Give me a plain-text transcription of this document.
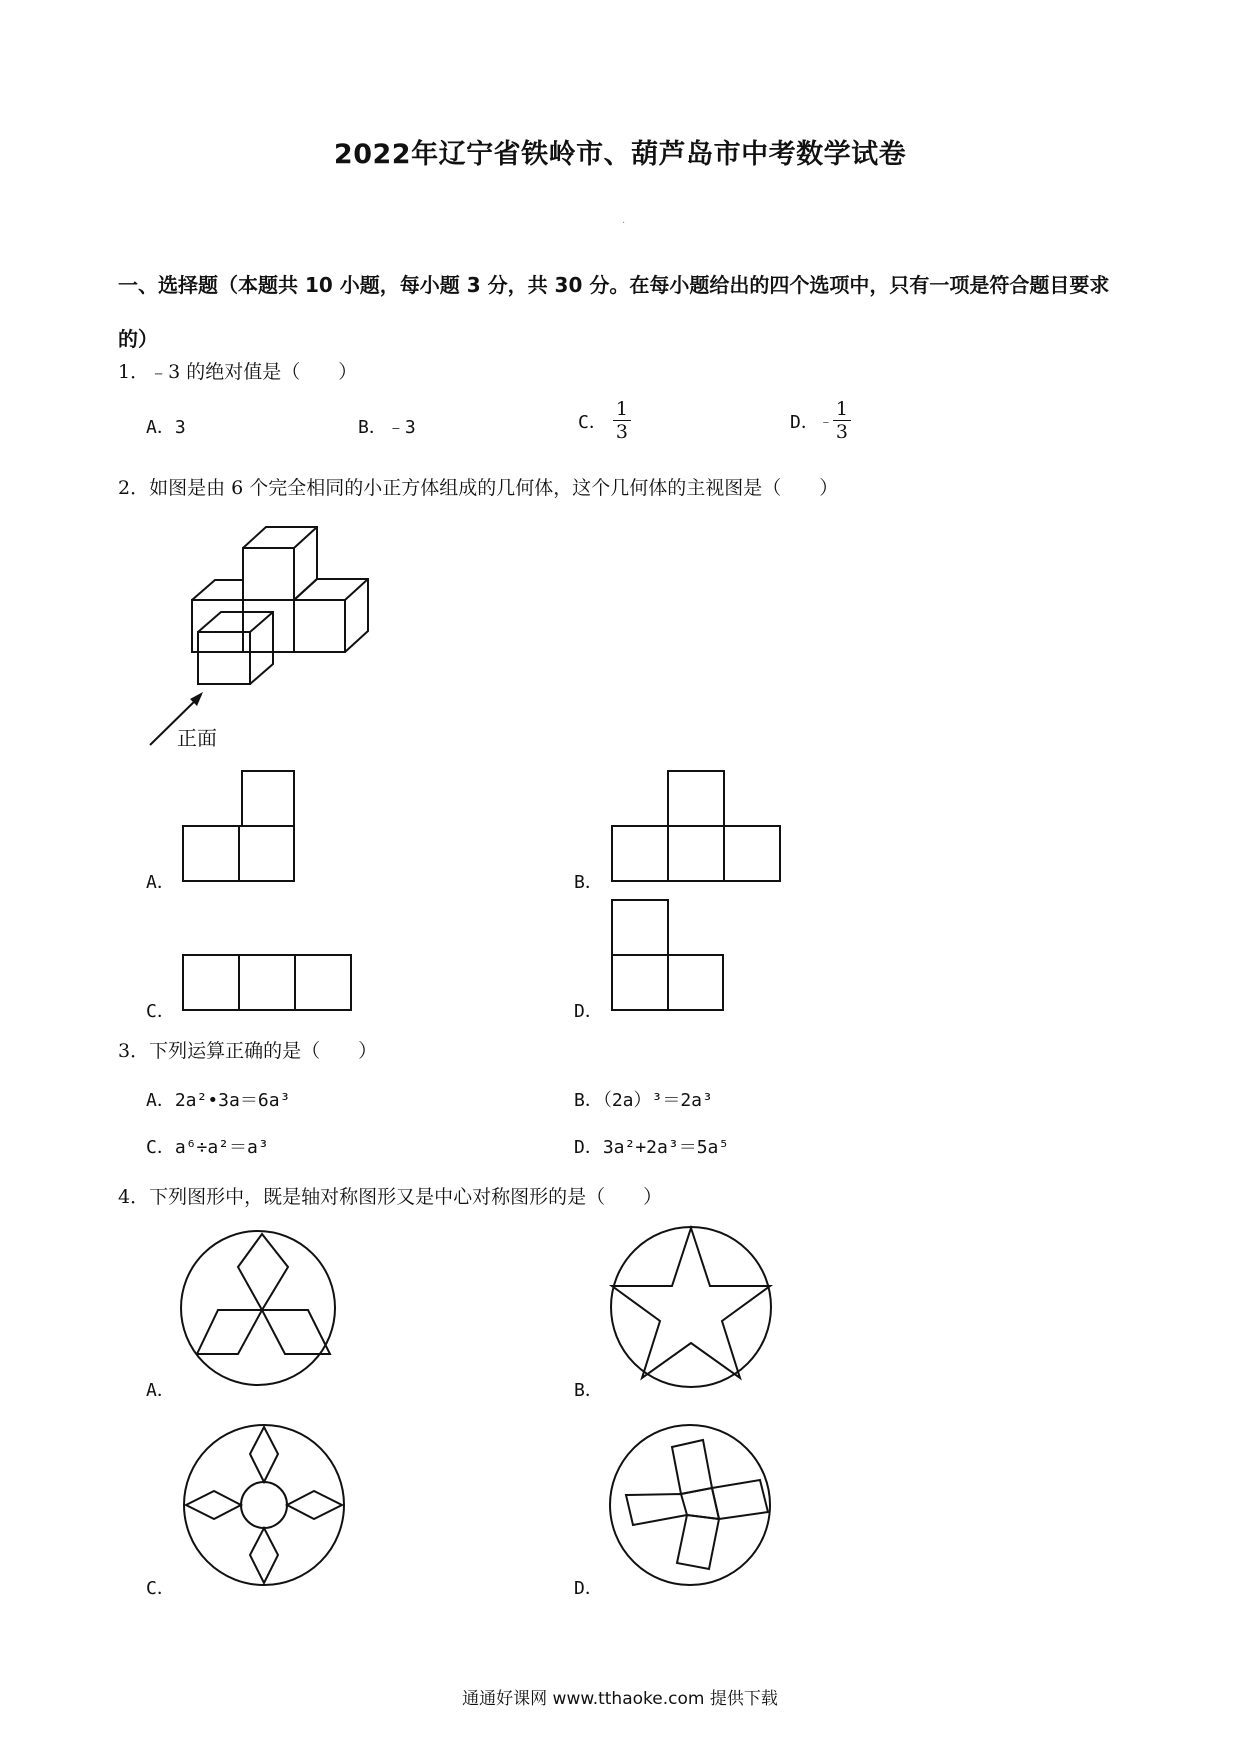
2022年辽宁省铁岭市、葫芦岛市中考数学试卷
·
一、选择题（本题共 10 小题，每小题 3 分，共 30 分。在每小题给出的四个选项中，只有一项是符合题目要求的）
1．﹣3 的绝对值是（　　）
A．3	B．﹣3	C． $\frac{1}{3}$	D． ﹣ $\frac{1}{3}$
2．如图是由 6 个完全相同的小正方体组成的几何体，这个几何体的主视图是（　　）
正面
A．	B．
C．	D．
3．下列运算正确的是（　　）
A．2a²•3a＝6a³	B．（2a）³＝2a³
C．a⁶÷a²＝a³	D．3a²+2a³＝5a⁵
4．下列图形中，既是轴对称图形又是中心对称图形的是（　　）
A．	B．
C．	D．
通通好课网 www.tthaoke.com 提供下载
